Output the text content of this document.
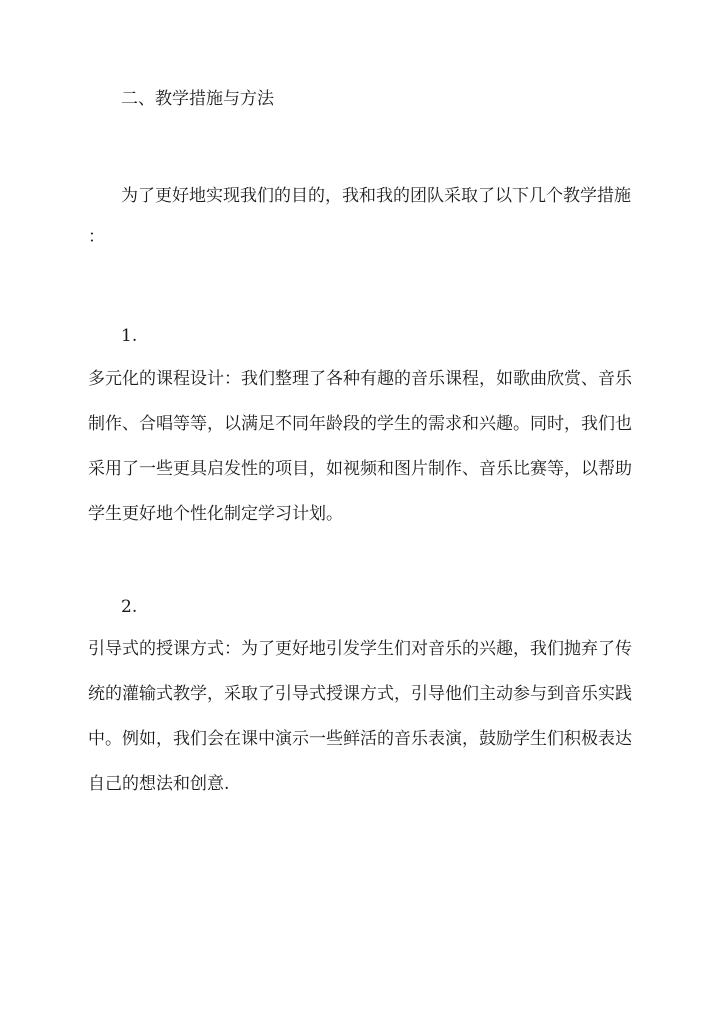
二、教学措施与方法
为了更好地实现我们的目的，我和我的团队采取了以下几个教学措施
：
1.
多元化的课程设计：我们整理了各种有趣的音乐课程，如歌曲欣赏、音乐
制作、合唱等等，以满足不同年龄段的学生的需求和兴趣。同时，我们也
采用了一些更具启发性的项目，如视频和图片制作、音乐比赛等，以帮助
学生更好地个性化制定学习计划。
2.
引导式的授课方式：为了更好地引发学生们对音乐的兴趣，我们抛弃了传
统的灌输式教学，采取了引导式授课方式，引导他们主动参与到音乐实践
中。例如，我们会在课中演示一些鲜活的音乐表演，鼓励学生们积极表达
自己的想法和创意.
